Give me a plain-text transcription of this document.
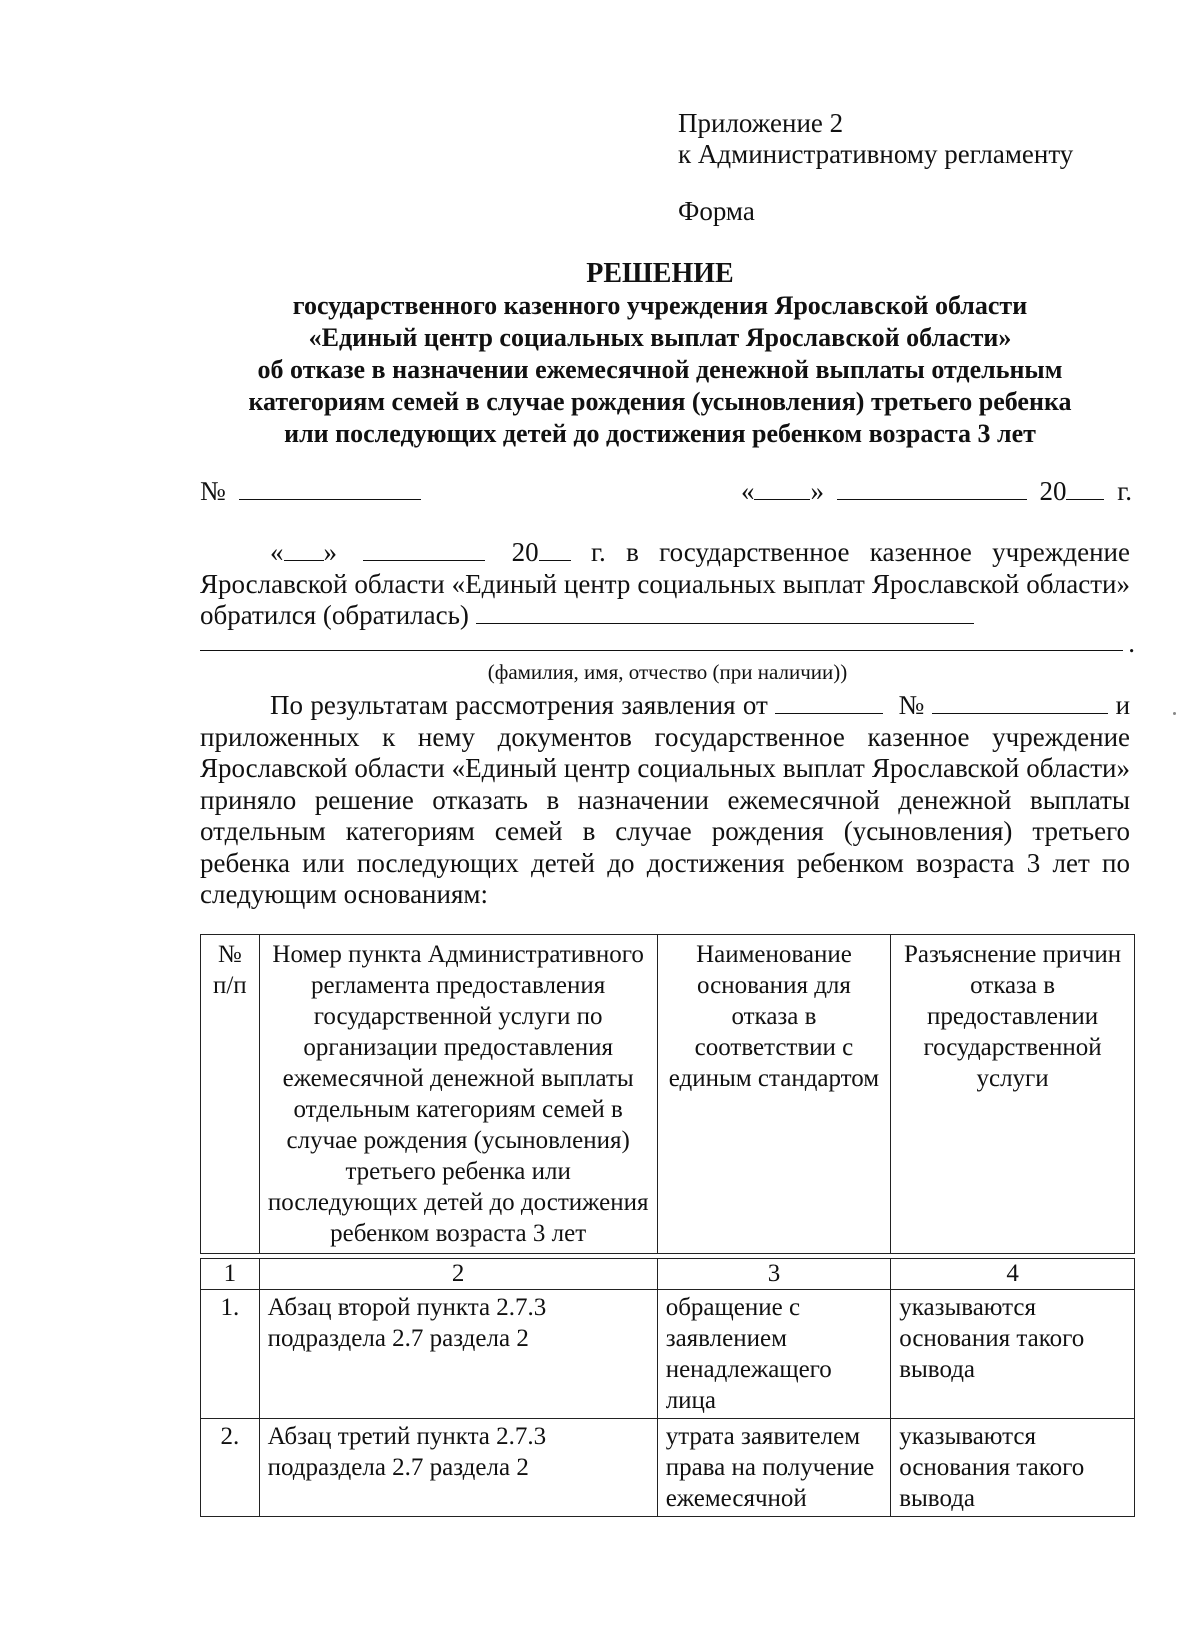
Приложение 2
к Административному регламенту
Форма
РЕШЕНИЕ
государственного казенного учреждения Ярославской области
«Единый центр социальных выплат Ярославской области»
об отказе в назначении ежемесячной денежной выплаты отдельным
категориям семей в случае рождения (усыновления) третьего ребенка
или последующих детей до достижения ребенком возраста 3 лет
№	« »	20 г.
« »	20 г. в государственное казенное учреждение Ярославской области «Единый центр социальных выплат Ярославской области» обратился (обратилась)
.
(фамилия, имя, отчество (при наличии))
По результатам рассмотрения заявления от	№	и приложенных к нему документов государственное казенное учреждение Ярославской области «Единый центр социальных выплат Ярославской области» приняло решение отказать в назначении ежемесячной денежной выплаты отдельным категориям семей в случае рождения (усыновления) третьего ребенка или последующих детей до достижения ребенком возраста 3 лет по следующим основаниям:
№ п/п	Номер пункта Административного регламента предоставления государственной услуги по организации предоставления ежемесячной денежной выплаты отдельным категориям семей в случае рождения (усыновления) третьего ребенка или последующих детей до достижения ребенком возраста 3 лет	Наименование основания для отказа в соответствии с единым стандартом	Разъяснение причин отказа в предоставлении государственной услуги

1	2	3	4
1.	Абзац второй пункта 2.7.3 подраздела 2.7 раздела 2	обращение с заявлением ненадлежащего лица	указываются основания такого вывода
2.	Абзац третий пункта 2.7.3 подраздела 2.7 раздела 2	утрата заявителем права на получение ежемесячной	указываются основания такого вывода
